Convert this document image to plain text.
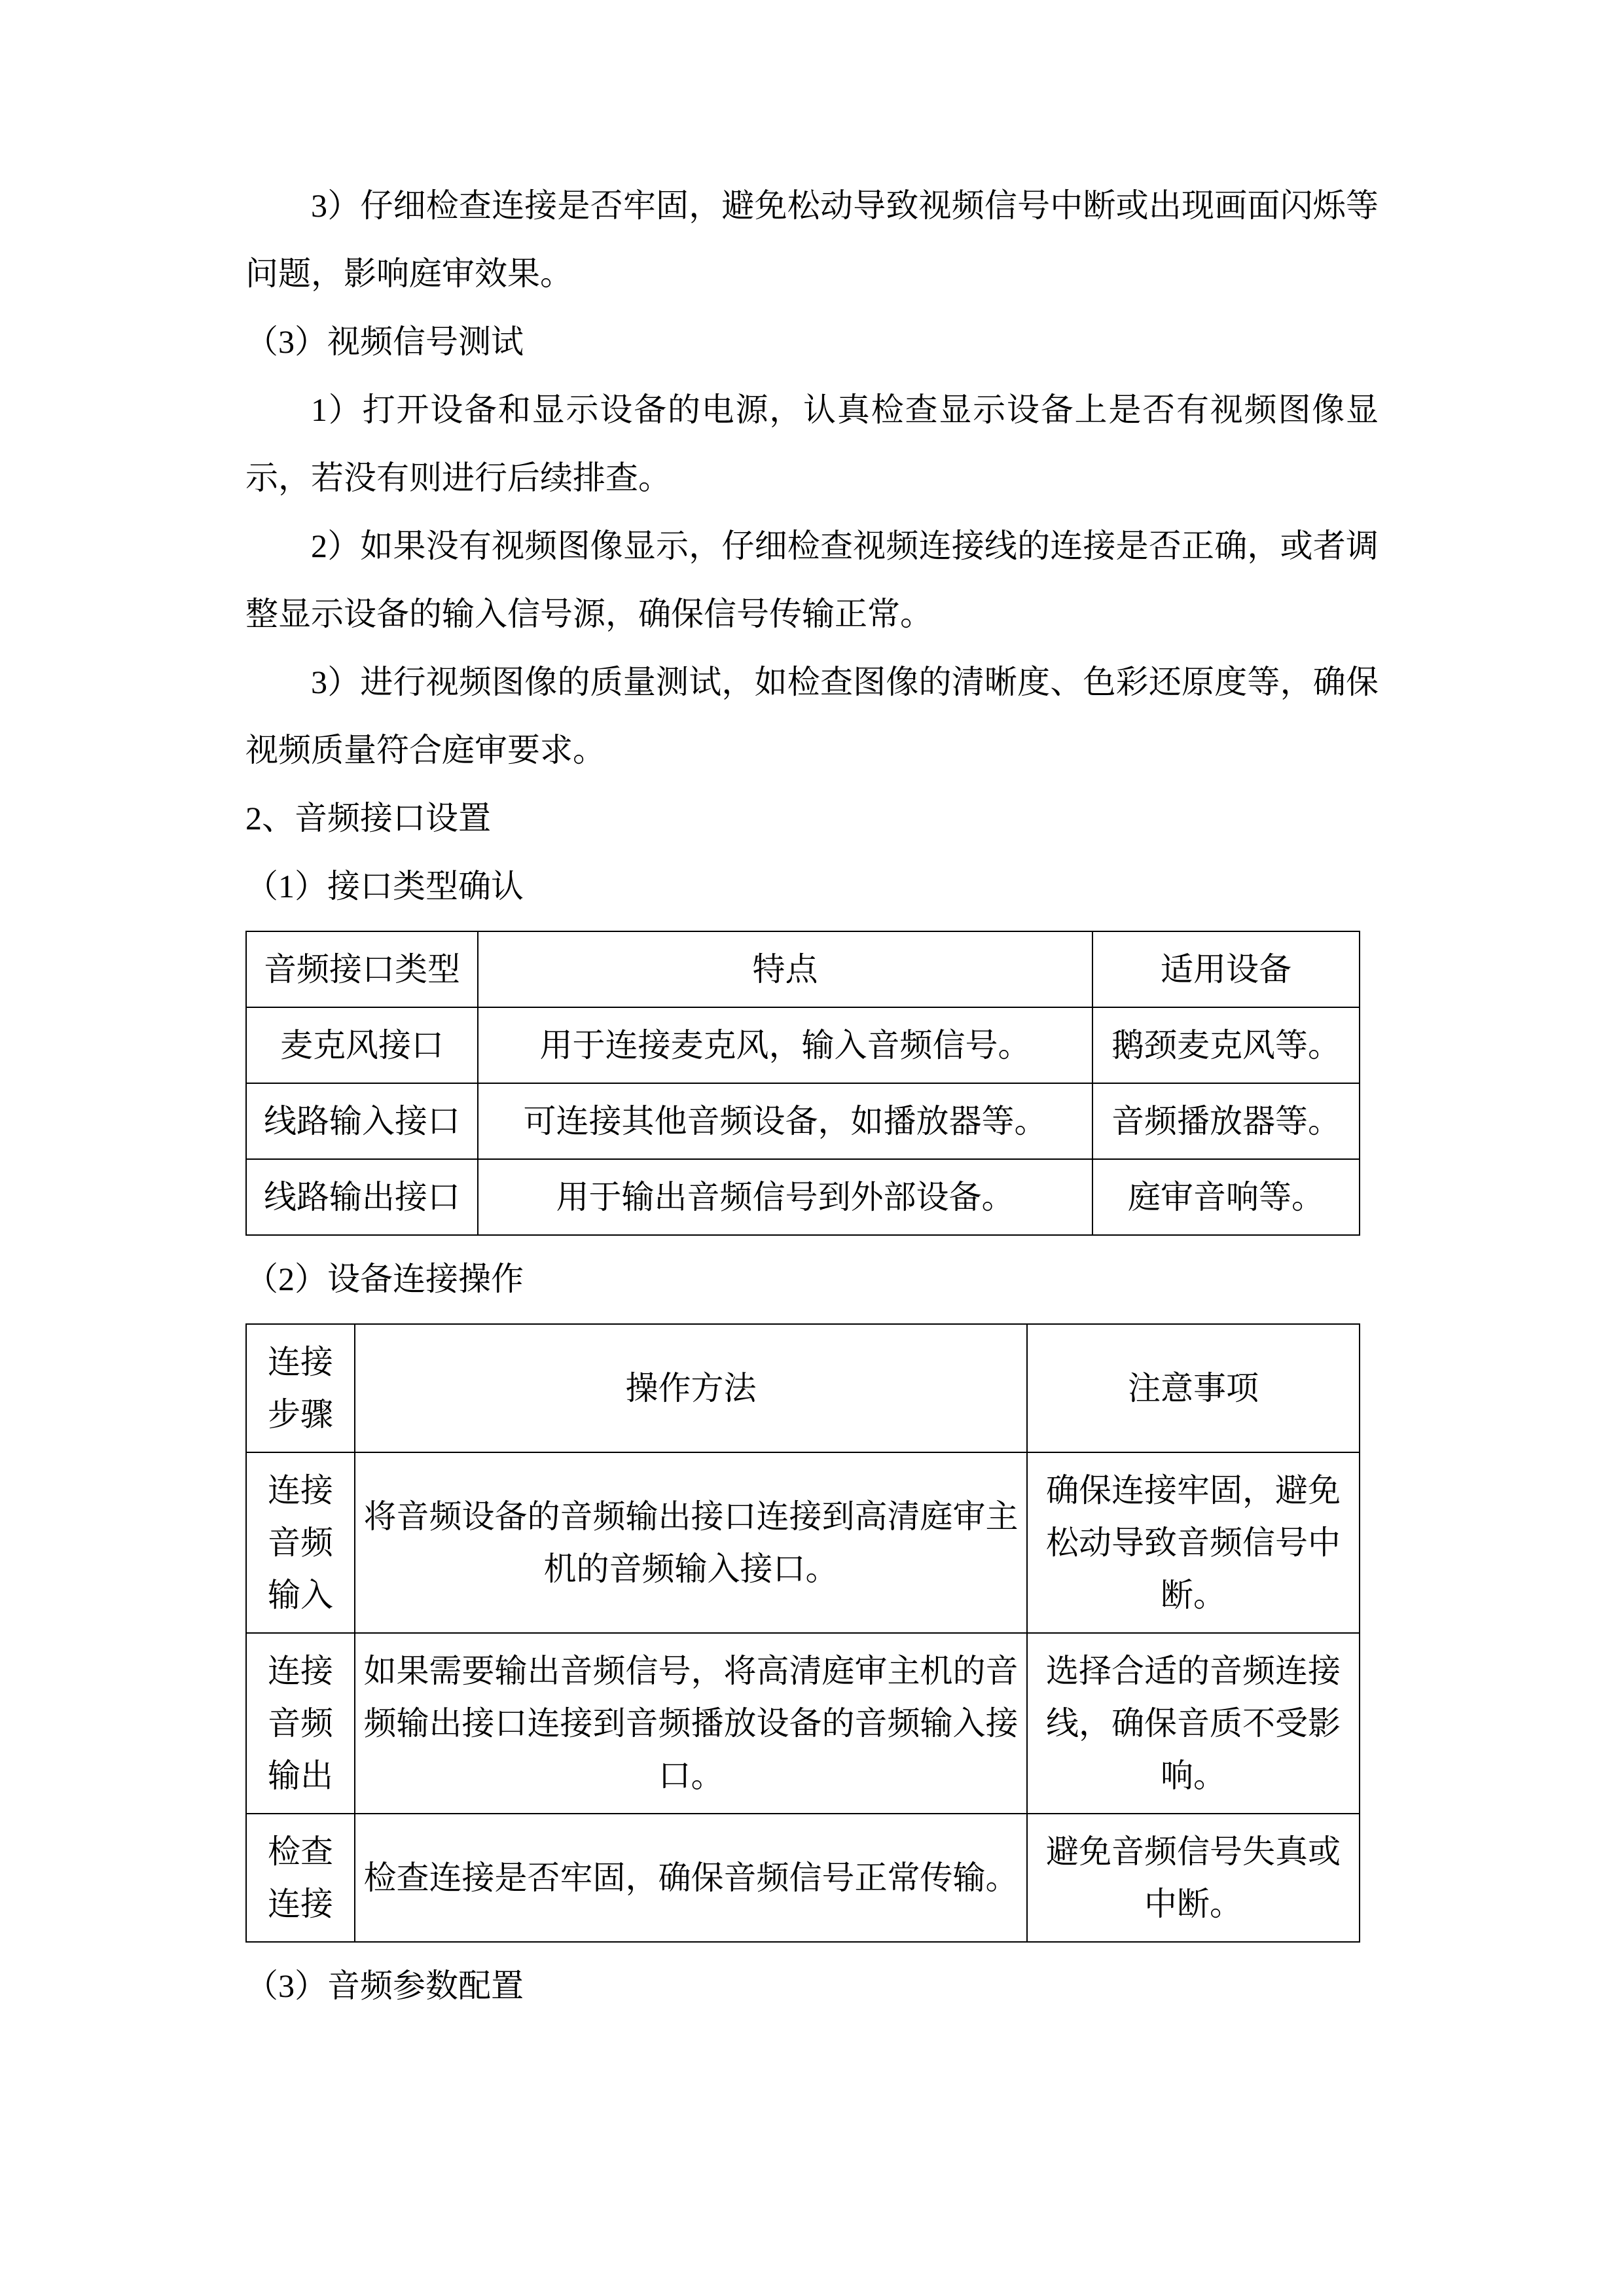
3）仔细检查连接是否牢固，避免松动导致视频信号中断或出现画面闪烁等问题，影响庭审效果。

（3）视频信号测试

1）打开设备和显示设备的电源，认真检查显示设备上是否有视频图像显示，若没有则进行后续排查。

2）如果没有视频图像显示，仔细检查视频连接线的连接是否正确，或者调整显示设备的输入信号源，确保信号传输正常。

3）进行视频图像的质量测试，如检查图像的清晰度、色彩还原度等，确保视频质量符合庭审要求。

2、音频接口设置

（1）接口类型确认

音频接口类型	特点	适用设备
麦克风接口	用于连接麦克风，输入音频信号。	鹅颈麦克风等。
线路输入接口	可连接其他音频设备，如播放器等。	音频播放器等。
线路输出接口	用于输出音频信号到外部设备。	庭审音响等。

（2）设备连接操作

连接步骤	操作方法	注意事项
连接音频输入	将音频设备的音频输出接口连接到高清庭审主机的音频输入接口。	确保连接牢固，避免松动导致音频信号中断。
连接音频输出	如果需要输出音频信号，将高清庭审主机的音频输出接口连接到音频播放设备的音频输入接口。	选择合适的音频连接线，确保音质不受影响。
检查连接	检查连接是否牢固，确保音频信号正常传输。	避免音频信号失真或中断。

（3）音频参数配置
